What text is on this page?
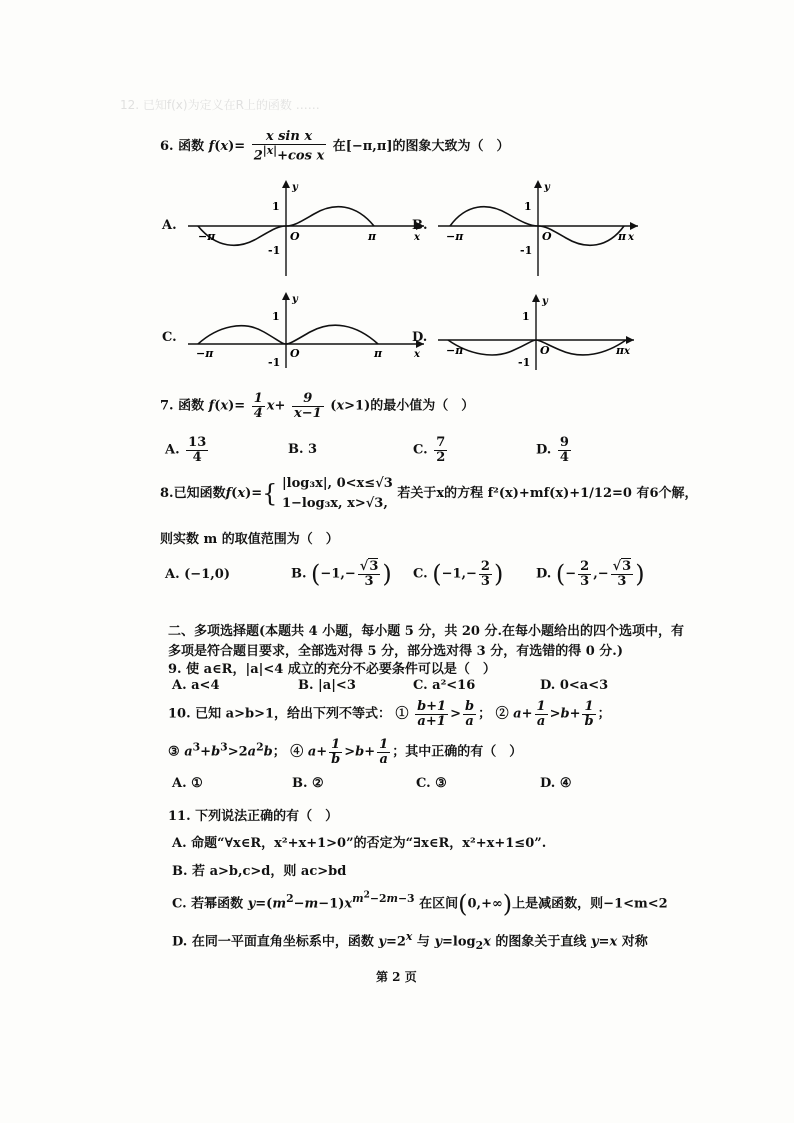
12. 已知f(x)为定义在R上的函数 ……
6. 函数 $f(x)= \frac{\text{x sin x}}{2^{|x|}+\cos x}$ 在[−π,π]的图象大致为（　）
−π	π
O
1
-1
y
x
A.
−π	π
O
1
-1
y
x
B.
−π	π
O
1
-1
y
x
C.
−π	π
O
1
-1
y
x
D.
7. 函数 $f(x)= \frac{1}{4} x+ \frac{9}{x-1} (x>1)$的最小值为（　）
A. $\frac{13}{4}$	B. 3	C. $\frac{7}{2}$	D. $\frac{9}{4}$
8.已知函数f(x)={ |log₃x|, 0<x≤√3
1−log₃x, x>√3,
若关于x的方程 f²(x)+mf(x)+1/12=0 有6个解，
则实数 m 的取值范围为（　）
A. (−1,0)	B. ($-1,- \frac{√3}{3}$ ) C. ($-1,- \frac{2}{3}$ )	D. (− $\frac{2}{3}$ ,− $\frac{√3}{3}$ )
二、多项选择题(本题共 4 小题，每小题 5 分，共 20 分.在每小题给出的四个选项中，有
多项是符合题目要求，全部选对得 5 分，部分选对得 3 分，有选错的得 0 分.)
9. 使 a∈R，|a|<4 成立的充分不必要条件可以是（　）
A. a<4	B. |a|<3	C. a²<16	D. 0<a<3
10. 已知 a>b>1，给出下列不等式： ① $\frac{b+1}{a+1} > \frac{b}{a}$ ； ② $a+ \frac{1}{a} >b+ \frac{1}{b}$ ；
③ $a^3+b^3>2a^2b$； ④ $a+ \frac{1}{b} >b+ \frac{1}{a}$ ；其中正确的有（　）
A. ①	B. ②	C. ③	D. ④
11. 下列说法正确的有（　）
A. 命题“∀x∈R，x²+x+1>0”的否定为“∃x∈R，x²+x+1≤0”.
B. 若 a>b,c>d，则 ac>bd
C. 若幂函数 $y=(m^2-m-1)x^{m^2-2m-3}$ 在区间(0,+∞)上是减函数，则−1<m<2
D. 在同一平面直角坐标系中，函数 $y=2^x$ 与 $y=\log_2x$ 的图象关于直线 y=x 对称
第 2 页
